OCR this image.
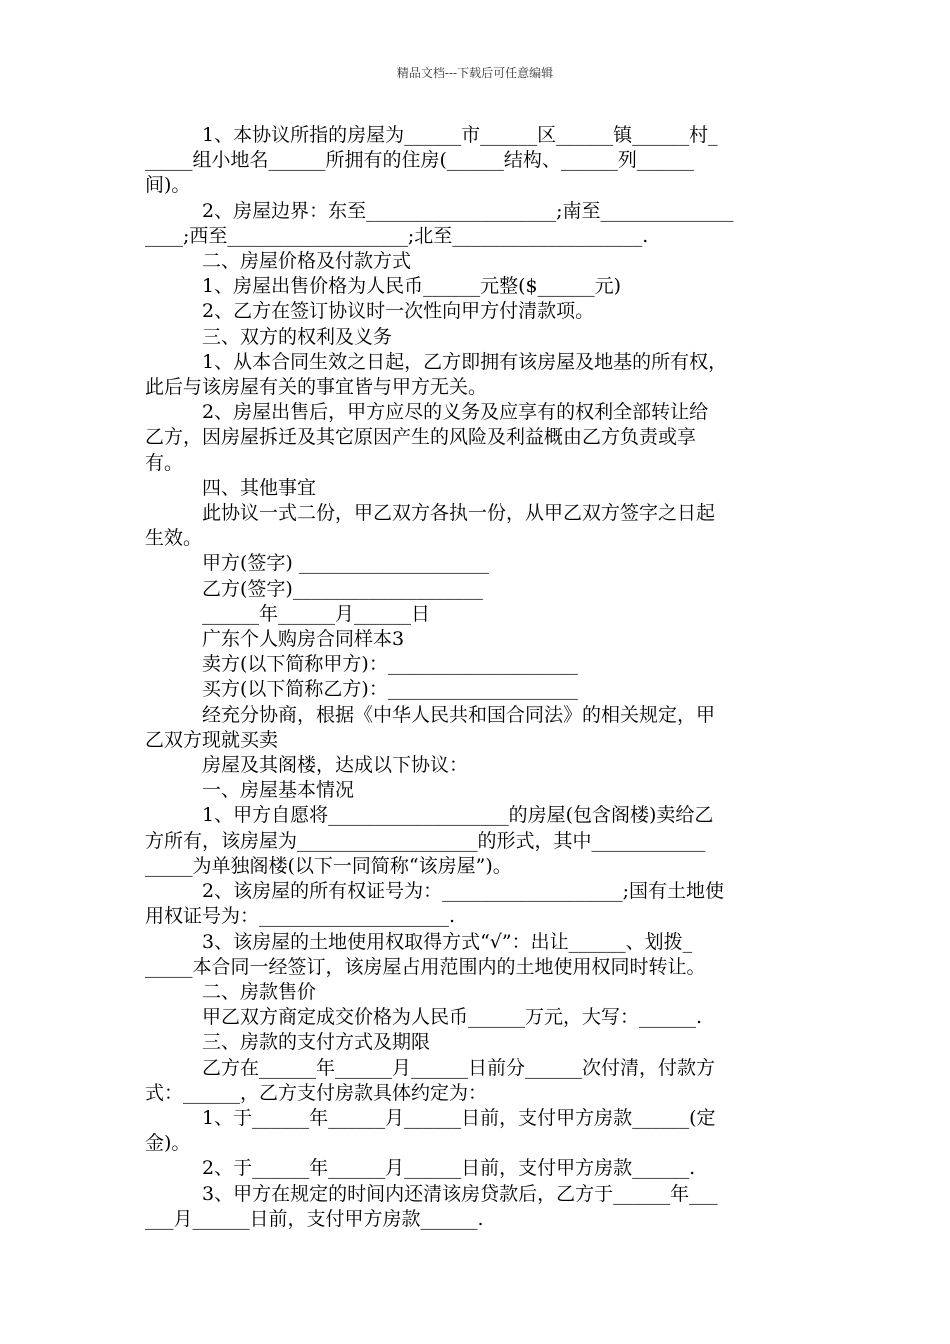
精品文档---下载后可任意编辑

1、本协议所指的房屋为______市______区______镇______村_

_____组小地名______所拥有的住房(______结构、______列______

间)。

2、房屋边界：东至____________________;南至______________

____;西至___________________;北至____________________.

二、房屋价格及付款方式

1、房屋出售价格为人民币______元整($______元)

2、乙方在签订协议时一次性向甲方付清款项。

三、双方的权利及义务

1、从本合同生效之日起，乙方即拥有该房屋及地基的所有权，

此后与该房屋有关的事宜皆与甲方无关。

2、房屋出售后，甲方应尽的义务及应享有的权利全部转让给

乙方，因房屋拆迁及其它原因产生的风险及利益概由乙方负责或享

有。

四、其他事宜

此协议一式二份，甲乙双方各执一份，从甲乙双方签字之日起

生效。

甲方(签字) ____________________

乙方(签字)____________________

______年______月______日

广东个人购房合同样本3

卖方(以下简称甲方)：____________________

买方(以下简称乙方)：____________________

经充分协商，根据《中华人民共和国合同法》的相关规定，甲

乙双方现就买卖

房屋及其阁楼，达成以下协议：

一、房屋基本情况

1、甲方自愿将___________________的房屋(包含阁楼)卖给乙

方所有，该房屋为___________________的形式，其中____________

_____为单独阁楼(以下一同简称“该房屋”)。

2、该房屋的所有权证号为：___________________;国有土地使

用权证号为：____________________.

3、该房屋的土地使用权取得方式“√”：出让______、划拨_

_____本合同一经签订，该房屋占用范围内的土地使用权同时转让。

二、房款售价

甲乙双方商定成交价格为人民币______万元，大写：______.

三、房款的支付方式及期限

乙方在______年______月______日前分______次付清，付款方

式：______，乙方支付房款具体约定为：

1、于______年______月______日前，支付甲方房款______(定

金)。

2、于______年______月______日前，支付甲方房款______.

3、甲方在规定的时间内还清该房贷款后，乙方于______年___

___月______日前，支付甲方房款______.
